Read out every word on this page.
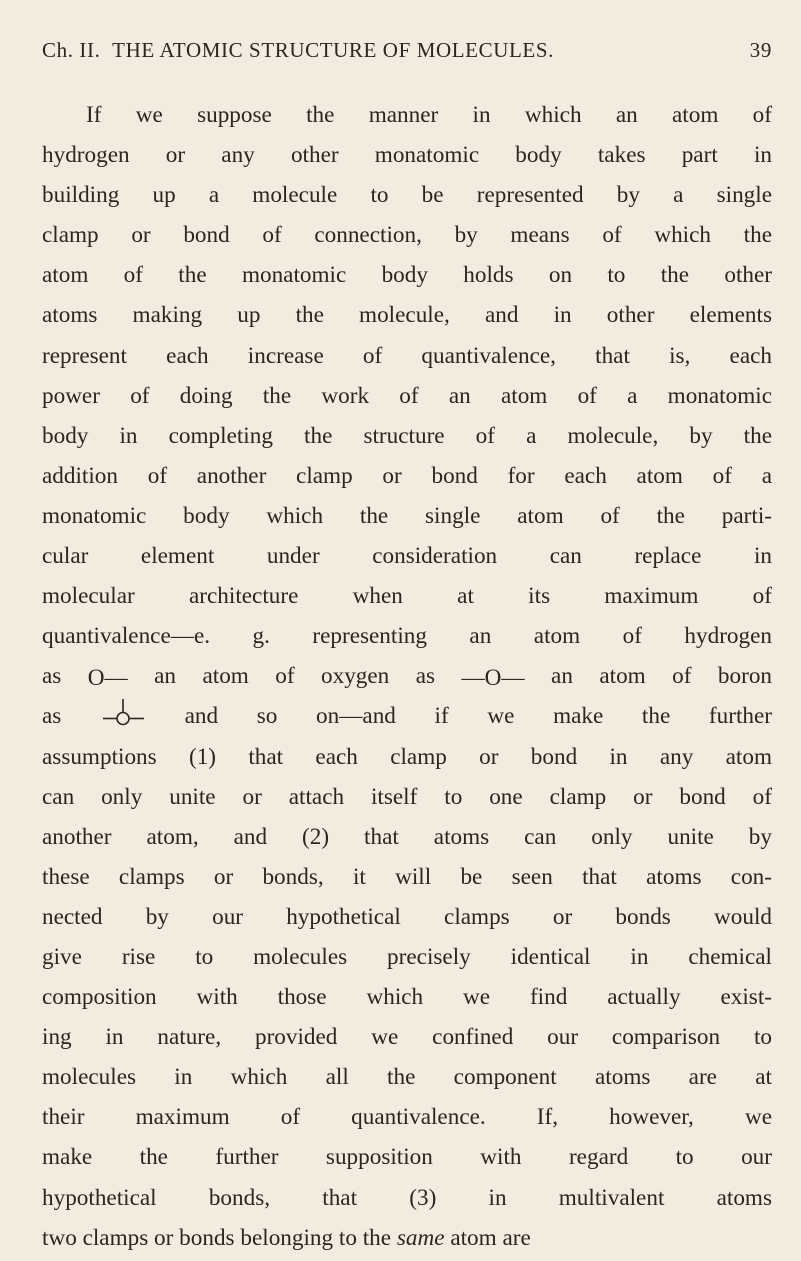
Ch. II. THE ATOMIC STRUCTURE OF MOLECULES.	39
If we suppose the manner in which an atom of
hydrogen or any other monatomic body takes part in
building up a molecule to be represented by a single
clamp or bond of connection, by means of which the
atom of the monatomic body holds on to the other
atoms making up the molecule, and in other elements
represent each increase of quantivalence, that is, each
power of doing the work of an atom of a monatomic
body in completing the structure of a molecule, by the
addition of another clamp or bond for each atom of a
monatomic body which the single atom of the parti-
cular element under consideration can replace in
molecular architecture when at its maximum of
quantivalence—e. g. representing an atom of hydrogen
as O— an atom of oxygen as —O— an atom of boron
as	and so on—and if we make the further
assumptions (1) that each clamp or bond in any atom
can only unite or attach itself to one clamp or bond of
another atom, and (2) that atoms can only unite by
these clamps or bonds, it will be seen that atoms con-
nected by our hypothetical clamps or bonds would
give rise to molecules precisely identical in chemical
composition with those which we find actually exist-
ing in nature, provided we confined our comparison to
molecules in which all the component atoms are at
their maximum of quantivalence. If, however, we
make the further supposition with regard to our
hypothetical bonds, that (3) in multivalent atoms
two clamps or bonds belonging to the same atom are
